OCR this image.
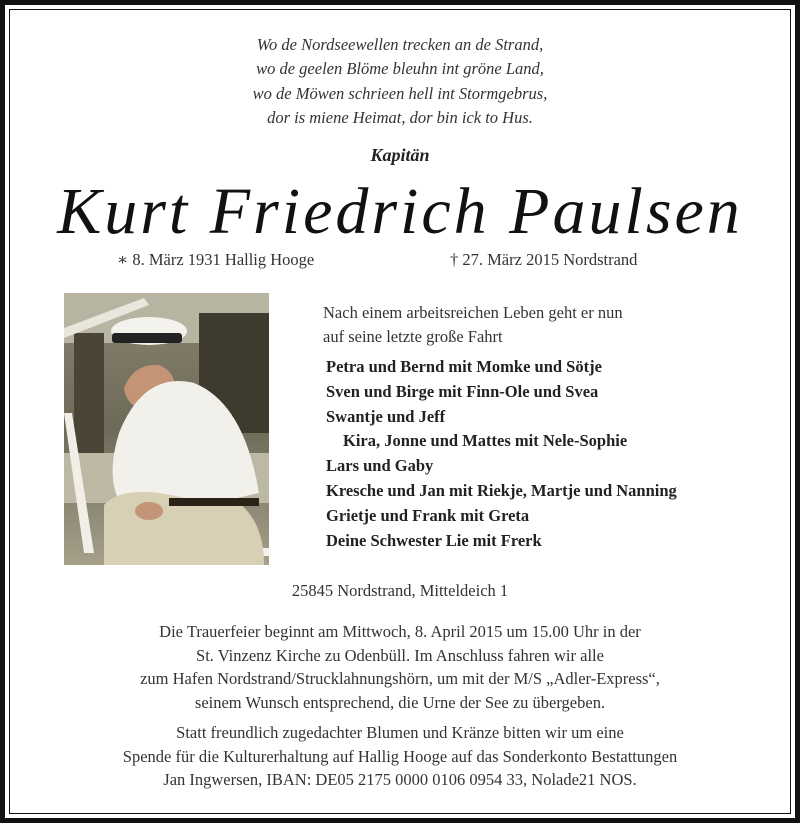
Wo de Nordseewellen trecken an de Strand,
wo de geelen Blöme bleuhn int gröne Land,
wo de Möwen schrieen hell int Stormgebrus,
dor is miene Heimat, dor bin ick to Hus.
Kapitän
Kurt Friedrich Paulsen
∗ 8. März 1931 Hallig Hooge	† 27. März 2015 Nordstrand
Nach einem arbeitsreichen Leben geht er nun
auf seine letzte große Fahrt
Petra und Bernd mit Momke und Sötje
Sven und Birge mit Finn-Ole und Svea
Swantje und Jeff
Kira, Jonne und Mattes mit Nele-Sophie
Lars und Gaby
Kresche und Jan mit Riekje, Martje und Nanning
Grietje und Frank mit Greta
Deine Schwester Lie mit Frerk
25845 Nordstrand, Mitteldeich 1
Die Trauerfeier beginnt am Mittwoch, 8. April 2015 um 15.00 Uhr in der
St. Vinzenz Kirche zu Odenbüll. Im Anschluss fahren wir alle
zum Hafen Nordstrand/Strucklahnungshörn, um mit der M/S „Adler-Express“,
seinem Wunsch entsprechend, die Urne der See zu übergeben.
Statt freundlich zugedachter Blumen und Kränze bitten wir um eine
Spende für die Kulturerhaltung auf Hallig Hooge auf das Sonderkonto Bestattungen
Jan Ingwersen, IBAN: DE05 2175 0000 0106 0954 33, Nolade21 NOS.
